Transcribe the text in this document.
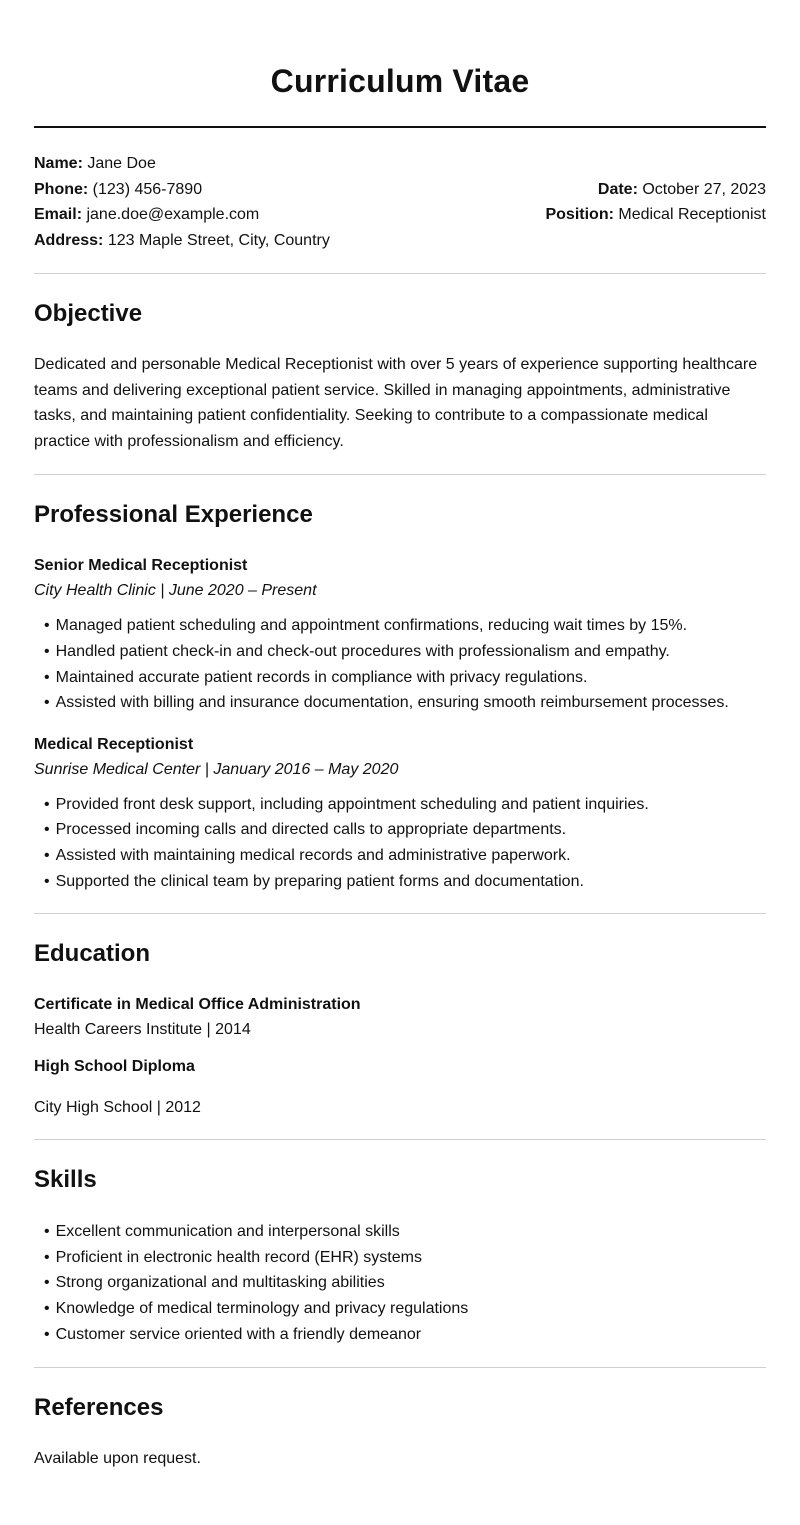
Curriculum Vitae
Name: Jane Doe
Phone: (123) 456-7890
Email: jane.doe@example.com
Address: 123 Maple Street, City, Country
Date: October 27, 2023
Position: Medical Receptionist
Objective

Dedicated and personable Medical Receptionist with over 5 years of experience supporting healthcare teams and delivering exceptional patient service. Skilled in managing appointments, administrative tasks, and maintaining patient confidentiality. Seeking to contribute to a compassionate medical practice with professionalism and efficiency.

Professional Experience
Senior Medical Receptionist
City Health Clinic | June 2020 – Present
• Managed patient scheduling and appointment confirmations, reducing wait times by 15%.
• Handled patient check-in and check-out procedures with professionalism and empathy.
• Maintained accurate patient records in compliance with privacy regulations.
• Assisted with billing and insurance documentation, ensuring smooth reimbursement processes.
Medical Receptionist
Sunrise Medical Center | January 2016 – May 2020
• Provided front desk support, including appointment scheduling and patient inquiries.
• Processed incoming calls and directed calls to appropriate departments.
• Assisted with maintaining medical records and administrative paperwork.
• Supported the clinical team by preparing patient forms and documentation.
Education
Certificate in Medical Office Administration
Health Careers Institute | 2014
High School Diploma
City High School | 2012
Skills
• Excellent communication and interpersonal skills
• Proficient in electronic health record (EHR) systems
• Strong organizational and multitasking abilities
• Knowledge of medical terminology and privacy regulations
• Customer service oriented with a friendly demeanor
References

Available upon request.
